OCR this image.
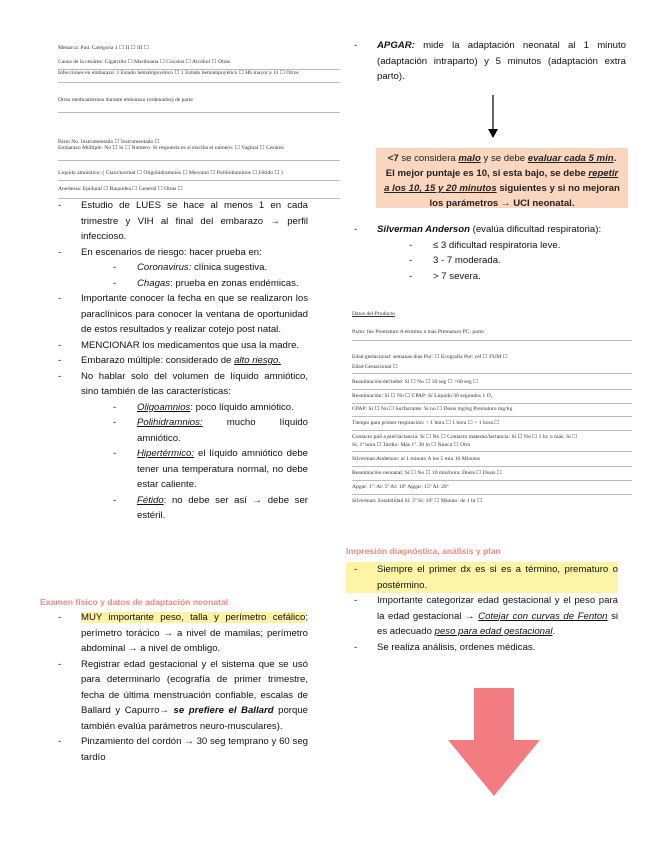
Menarca: Pad. Categoría 1 ☐ II ☐ III ☐
Causa de la cesárea: Cigarrillo ☐ Marihuana ☐ Cocaína ☐ Alcohol ☐ Otras
Infecciones en embarazo: 1 Estado hematopoyético ☐ 1 Estado hematopoyético ☐ Hb mayor a 11 ☐ Otros
Otros medicamentos durante embarazo (ordenados) de parte
Embarazo Múltiple: No ☐ Sí ☐ Número: Si respuesta es sí escriba el número: ☐ Vaginal ☐ Cesárea
Parto No. Instrumentado ☐ Instrumentado ☐
Líquido amniótico: ( Claro/normal ☐ Oligohidramnios ☐ Meconio ☐ Polihidramnios ☐ Fétido ☐ )
Anestesia: Epidural ☐ Raquídea ☐ General ☐ Otras ☐
- Estudio de LUES se hace al menos 1 en cada trimestre y VIH al final del embarazo → perfil infeccioso.
- En escenarios de riesgo: hacer prueba en:
- Coronavirus: clínica sugestiva.
- Chagas: prueba en zonas endémicas.
- Importante conocer la fecha en que se realizaron los paraclínicos para conocer la ventana de oportunidad de estos resultados y realizar cotejo post natal.
- MENCIONAR los medicamentos que usa la madre.
- Embarazo múltiple: considerado de alto riesgo.
- No hablar solo del volumen de líquido amniótico, sino también de las características:
- Oligoamnios: poco líquido amniótico.
- Polihidramnios: mucho líquido amniótico.
- Hipertérmico: el líquido amniótico debe tener una temperatura normal, no debe estar caliente.
- Fétido: no debe ser así → debe ser estéril.
Examen físico y datos de adaptación neonatal
- MUY importante peso, talla y perímetro cefálico; perímetro torácico → a nivel de mamilas; perímetro abdominal → a nivel de ombligo.
- Registrar edad gestacional y el sistema que se usó para determinarlo (ecografía de primer trimestre, fecha de última menstruación confiable, escalas de Ballard y Capurro→ se prefiere el Ballard porque también evalúa parámetros neuro-musculares).
- Pinzamiento del cordón → 30 seg temprano y 60 seg tardío
- APGAR: mide la adaptación neonatal al 1 minuto (adaptación intraparto) y 5 minutos (adaptación extra parto).
<7 se considera malo y se debe evaluar cada 5 min. El mejor puntaje es 10, si esta bajo, se debe repetir a los 10, 15 y 20 minutos siguientes y si no mejoran los parámetros → UCI neonatal.
- Silverman Anderson (evalúa dificultad respiratoria):
- ≤ 3 dificultad respiratoria leve.
- 3 - 7 moderada.
- > 7 severa.
Datos del Producto
Parto: fue Prematuro A término a más Prematuro PC: parto
Edad gestacional: semanas días Por: ☐ Ecografía Por: cel ☐ FUM ☐
Edad Gestacional ☐
Reanimación del bebé: Sí ☐ No ☐ 30 seg ☐ >60 seg ☐
Reanimación: Sí ☐ No ☐ CPAP: Sí Líquido 30 segundos 1 O₂
CPAP: Sí ☐ No ☐ Surfactante: Sí no ☐ Dosis mg/kg Prematuro mg/kg
Tiempo para primer respiración: < 1 hora ☐ 1 hora ☐ > 1 hora ☐
Contacto piel a piel/lactancia: Sí ☐ No ☐ Contacto materno/lactancia: Sí ☐ No ☐ 1 hr. o más: Sí ☐
Sí, 1ª hora ☐ Tardío: Más 1ª. 30 m ☐ Nunca ☐ Otra
Silverman Anderson: al 1 minuto A los 5 min 10 Minutos
Reanimación neonatal: Sí ☐ No ☐ 10 min/hora: Dosis ☐ Dosis ☐
Apgar: 1º: Al: 5º Al: 10º Apgar: 15º Al: 20º
Silverman: Estabilidad Sí: 5º Sí: 10º ☐ Minuto: de 1 hr ☐
Impresión diagnóstica, análisis y plan
- Siempre el primer dx es si es a término, prematuro o postérmino.
- Importante categorizar edad gestacional y el peso para la edad gestacional → Cotejar con curvas de Fenton si es adecuado peso para edad gestacional.
- Se realiza análisis, ordenes médicas.
